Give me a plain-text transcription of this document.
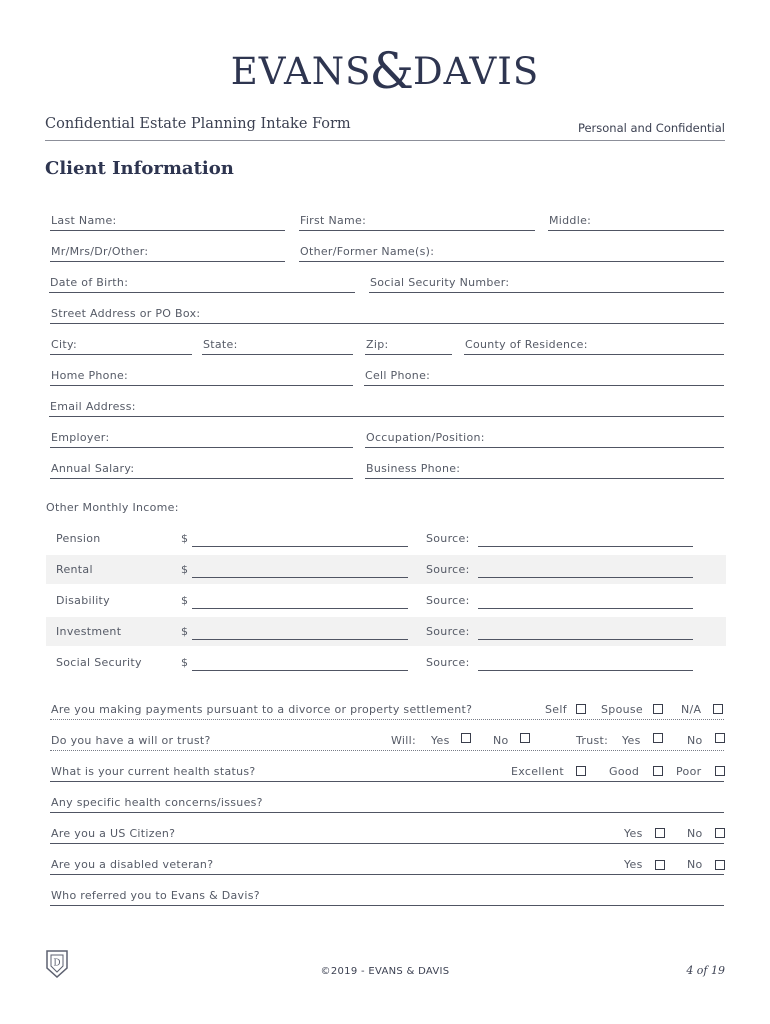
EVANS&DAVIS
Confidential Estate Planning Intake Form	Personal and Confidential
Client Information
Last Name:	First Name:	Middle:
Mr/Mrs/Dr/Other:	Other/Former Name(s):
Date of Birth:	Social Security Number:
Street Address or PO Box:
City:	State:	Zip:	County of Residence:
Home Phone:	Cell Phone:
Email Address:
Employer:	Occupation/Position:
Annual Salary:	Business Phone:
Other Monthly Income:
Pension	$	Source:
Rental	$	Source:
Disability	$	Source:
Investment	$	Source:
Social Security	$	Source:
Are you making payments pursuant to a divorce or property settlement?	Self	Spouse	N/A
Do you have a will or trust?	Will: Yes	No	Trust: Yes	No
What is your current health status?	Excellent	Good	Poor
Any specific health concerns/issues?
Are you a US Citizen?	Yes	No
Are you a disabled veteran?	Yes	No
Who referred you to Evans & Davis?
D
©2019 - EVANS & DAVIS	4 of 19
